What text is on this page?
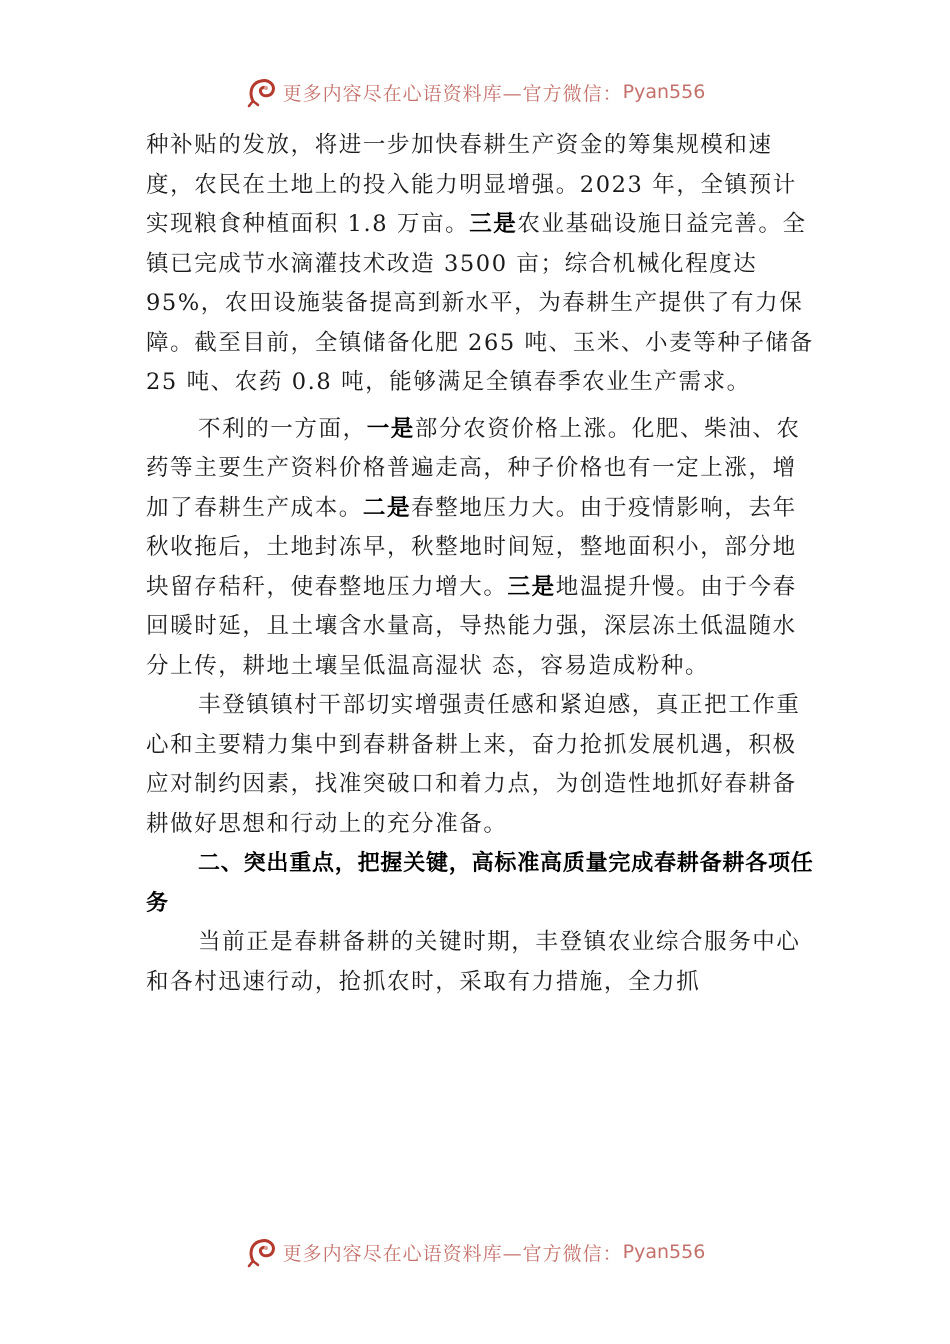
更多内容尽在心语资料库—官方微信： Pyan556

种补贴的发放，将进一步加快春耕生产资金的筹集规模和速度，农民在土地上的投入能力明显增强。2023 年，全镇预计实现粮食种植面积 1.8 万亩。三是农业基础设施日益完善。全镇已完成节水滴灌技术改造 3500 亩；综合机械化程度达 95%，农田设施装备提高到新水平，为春耕生产提供了有力保障。截至目前，全镇储备化肥 265 吨、玉米、小麦等种子储备 25 吨、农药 0.8 吨，能够满足全镇春季农业生产需求。

不利的一方面，一是部分农资价格上涨。化肥、柴油、农药等主要生产资料价格普遍走高，种子价格也有一定上涨，增加了春耕生产成本。二是春整地压力大。由于疫情影响，去年秋收拖后，土地封冻早，秋整地时间短，整地面积小，部分地块留存秸秆，使春整地压力增大。三是地温提升慢。由于今春回暖时延，且土壤含水量高，导热能力强，深层冻土低温随水分上传，耕地土壤呈低温高湿状 态，容易造成粉种。

丰登镇镇村干部切实增强责任感和紧迫感，真正把工作重心和主要精力集中到春耕备耕上来，奋力抢抓发展机遇，积极应对制约因素，找准突破口和着力点，为创造性地抓好春耕备耕做好思想和行动上的充分准备。

二、突出重点，把握关键，高标准高质量完成春耕备耕各项任务

当前正是春耕备耕的关键时期，丰登镇农业综合服务中心和各村迅速行动，抢抓农时，采取有力措施，全力抓

更多内容尽在心语资料库—官方微信： Pyan556
